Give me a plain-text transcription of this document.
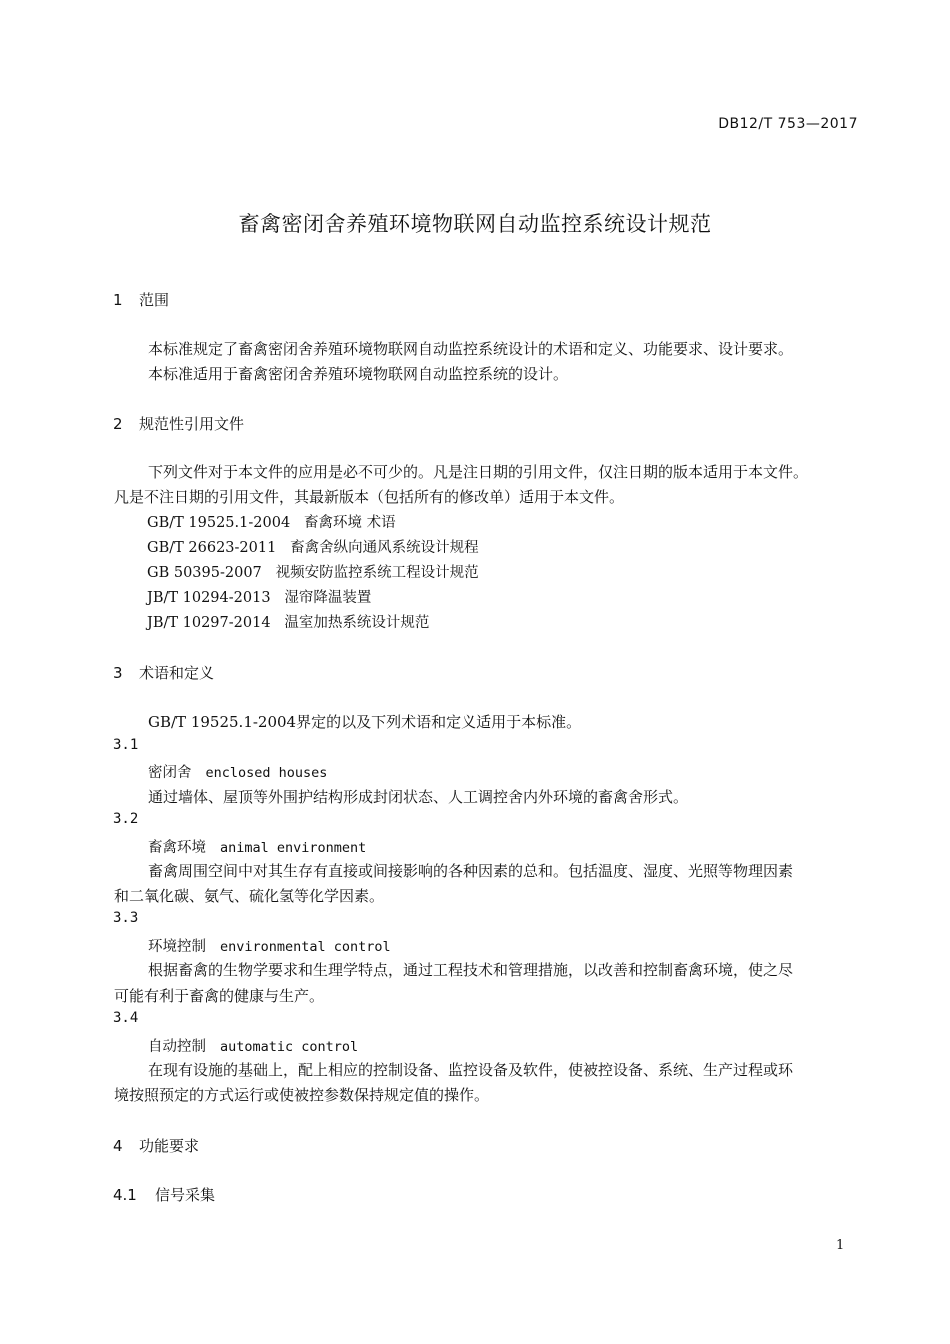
DB12/T 753—2017
畜禽密闭舍养殖环境物联网自动监控系统设计规范
1 范围
本标准规定了畜禽密闭舍养殖环境物联网自动监控系统设计的术语和定义、功能要求、设计要求。
本标准适用于畜禽密闭舍养殖环境物联网自动监控系统的设计。
2 规范性引用文件
下列文件对于本文件的应用是必不可少的。凡是注日期的引用文件，仅注日期的版本适用于本文件。
凡是不注日期的引用文件，其最新版本（包括所有的修改单）适用于本文件。
GB/T 19525.1-2004 畜禽环境 术语
GB/T 26623-2011 畜禽舍纵向通风系统设计规程
GB 50395-2007 视频安防监控系统工程设计规范
JB/T 10294-2013 湿帘降温装置
JB/T 10297-2014 温室加热系统设计规范
3 术语和定义
GB/T 19525.1-2004界定的以及下列术语和定义适用于本标准。
3.1
密闭舍 enclosed houses
通过墙体、屋顶等外围护结构形成封闭状态、人工调控舍内外环境的畜禽舍形式。
3.2
畜禽环境 animal environment
畜禽周围空间中对其生存有直接或间接影响的各种因素的总和。包括温度、湿度、光照等物理因素
和二氧化碳、氨气、硫化氢等化学因素。
3.3
环境控制 environmental control
根据畜禽的生物学要求和生理学特点，通过工程技术和管理措施，以改善和控制畜禽环境，使之尽
可能有利于畜禽的健康与生产。
3.4
自动控制 automatic control
在现有设施的基础上，配上相应的控制设备、监控设备及软件，使被控设备、系统、生产过程或环
境按照预定的方式运行或使被控参数保持规定值的操作。
4 功能要求
4.1 信号采集
1
